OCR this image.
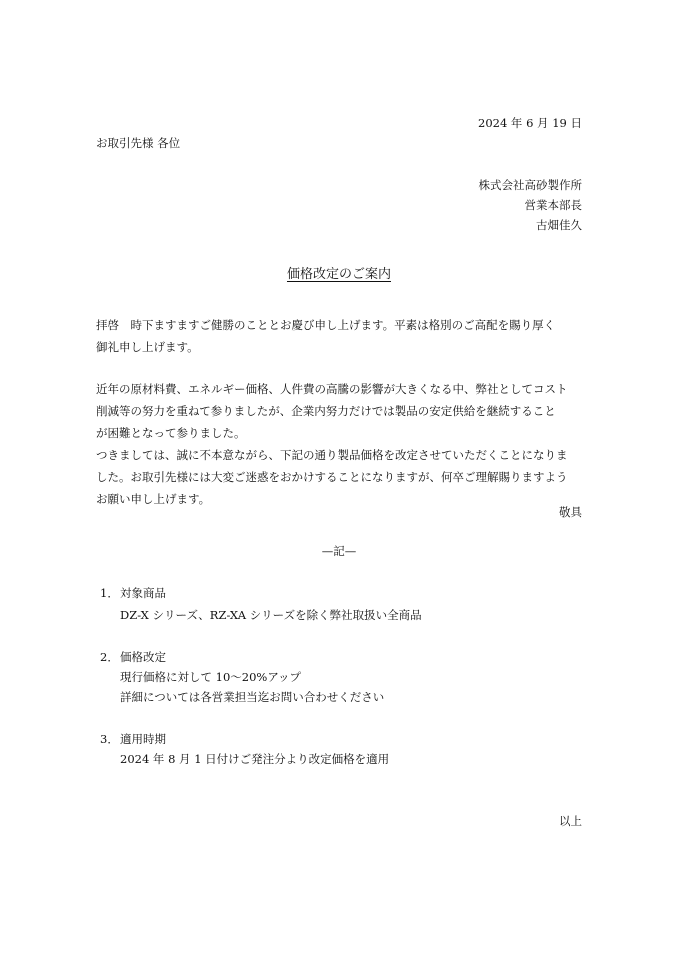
2024 年 6 月 19 日
お取引先様 各位
株式会社高砂製作所
営業本部長
古畑佳久
価格改定のご案内
拝啓　時下ますますご健勝のこととお慶び申し上げます。平素は格別のご高配を賜り厚く
御礼申し上げます。
近年の原材料費、エネルギー価格、人件費の高騰の影響が大きくなる中、弊社としてコスト
削減等の努力を重ねて参りましたが、企業内努力だけでは製品の安定供給を継続すること
が困難となって参りました。
つきましては、誠に不本意ながら、下記の通り製品価格を改定させていただくことになりま
した。お取引先様には大変ご迷惑をおかけすることになりますが、何卒ご理解賜りますよう
お願い申し上げます。
敬具
—記—
1． 対象商品
DZ-X シリーズ、RZ-XA シリーズを除く弊社取扱い全商品
2． 価格改定
現行価格に対して 10～20%アップ
詳細については各営業担当迄お問い合わせください
3． 適用時期
2024 年 8 月 1 日付けご発注分より改定価格を適用
以上
